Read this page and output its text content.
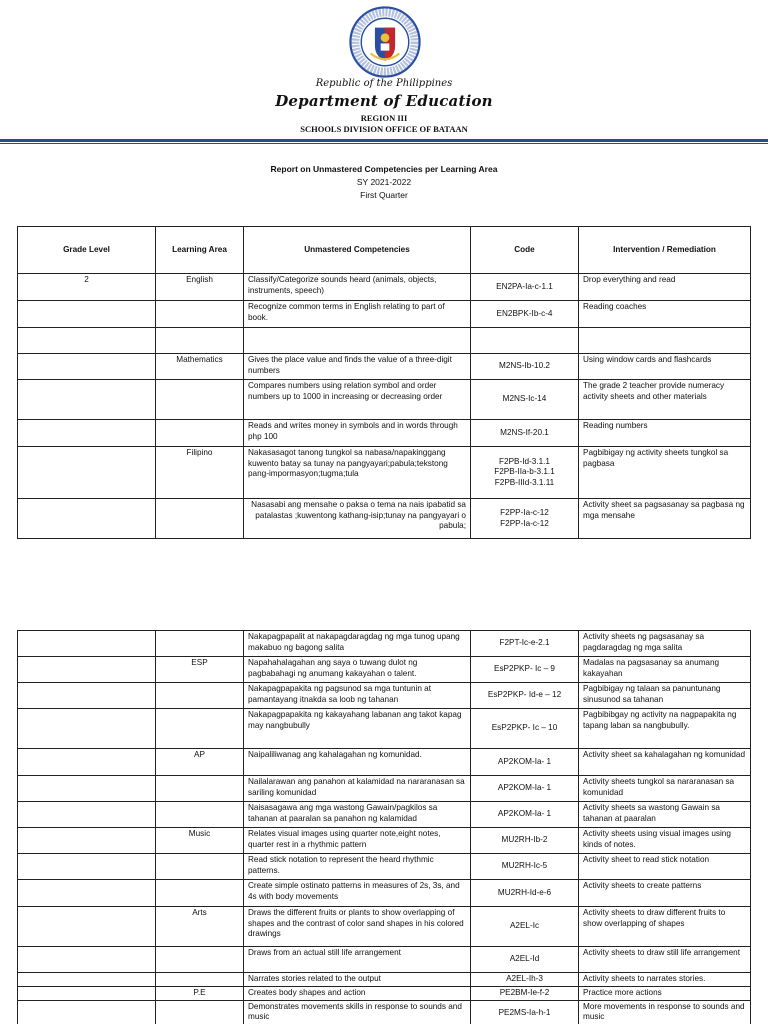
Republic of the Philippines
Department of Education
REGION III
SCHOOLS DIVISION OFFICE OF BATAAN
Report on Unmastered Competencies per Learning Area
SY 2021-2022
First Quarter
Grade Level	Learning Area	Unmastered Competencies	Code	Intervention / Remediation
2	English	Classify/Categorize sounds heard (animals, objects, instruments, speech)	EN2PA-Ia-c-1.1	Drop everything and read
		Recognize common terms in English relating to part of book.	EN2BPK-Ib-c-4	Reading coaches

	Mathematics	Gives the place value and finds the value of a three-digit numbers	M2NS-Ib-10.2	Using window cards and flashcards
		Compares numbers using relation symbol and order numbers up to 1000 in increasing or decreasing order	M2NS-Ic-14	The grade 2 teacher provide numeracy activity sheets and other materials
		Reads and writes money in symbols and in words through php 100	M2NS-If-20.1	Reading numbers
	Filipino	Nakasasagot tanong tungkol sa nabasa/napakinggang kuwento batay sa tunay na pangyayari;pabula;tekstong pang-impormasyon;tugma;tula	F2PB-Id-3.1.1
F2PB-IIa-b-3.1.1
F2PB-IIId-3.1.11	Pagbibigay ng activity sheets tungkol sa pagbasa
		Nasasabi ang mensahe o paksa o tema na nais ipabatid sa patalastas ;kuwentong kathang-isip;tunay na pangyayari o pabula;	F2PP-Ia-c-12
F2PP-Ia-c-12	Activity sheet sa pagsasanay sa pagbasa ng mga mensahe
		Nakapagpapalit at nakapagdaragdag ng mga tunog upang makabuo ng bagong salita	F2PT-Ic-e-2.1	Activity sheets ng pagsasanay sa pagdaragdag ng mga salita
	ESP	Napahahalagahan ang saya o tuwang dulot ng pagbabahagi ng anumang kakayahan o talent.	EsP2PKP- Ic – 9	Madalas na pagsasanay sa anumang kakayahan
		Nakapagpapakita ng pagsunod sa mga tuntunin at pamantayang itnakda sa loob ng tahanan	EsP2PKP- Id-e – 12	Pagbibigay ng talaan sa panuntunang sinusunod sa tahanan
		Nakapagpapakita ng kakayahang labanan ang takot kapag may nangbubully	EsP2PKP- Ic – 10	Pagbibibgay ng activity na nagpapakita ng tapang laban sa nangbubully.
	AP	Naipaliliwanag ang kahalagahan ng komunidad.	AP2KOM-Ia- 1	Activity sheet sa kahalagahan ng komunidad
		Nailalarawan ang panahon at kalamidad na nararanasan sa sariling komunidad	AP2KOM-Ia- 1	Activity sheets tungkol sa nararanasan sa komunidad
		Naisasagawa ang mga wastong Gawain/pagkilos sa tahanan at paaralan sa panahon ng kalamidad	AP2KOM-Ia- 1	Activity sheets sa wastong Gawain sa tahanan at paaralan
	Music	Relates visual images using quarter note,eight notes, quarter rest in a rhythmic pattern	MU2RH-Ib-2	Activity sheets using visual images using kinds of notes.
		Read stick notation to represent the heard rhythmic patterns.	MU2RH-Ic-5	Activity sheet to read stick notation
		Create simple ostinato patterns in measures of 2s, 3s, and 4s with body movements	MU2RH-Id-e-6	Activity sheets to create patterns
	Arts	Draws the different fruits or plants to show overlapping of shapes and the contrast of color sand shapes in his colored drawings	A2EL-Ic	Activity sheets to draw different fruits to show overlapping of shapes
		Draws from an actual still life arrangement	A2EL-Id	Activity sheets to draw still life arrangement
		Narrates stories related to the output	A2EL-Ih-3	Activity sheets to narrates stories.
	P.E	Creates body shapes and action	PE2BM-Ie-f-2	Practice more actions
		Demonstrates movements skills in response to sounds and music	PE2MS-Ia-h-1	More movements in response to sounds and music
